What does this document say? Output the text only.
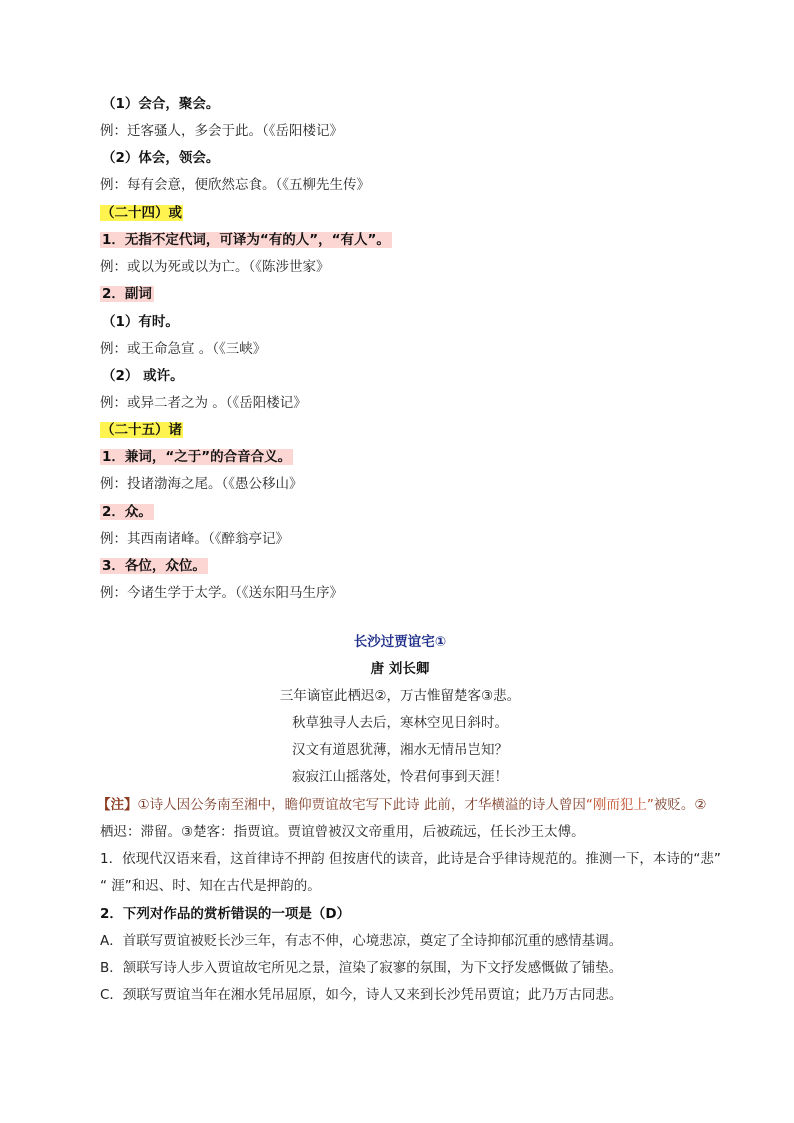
（1）会合，聚会。
例：迁客骚人，多会于此。（《岳阳楼记》
（2）体会，领会。
例：每有会意，便欣然忘食。（《五柳先生传》
（二十四）或
1．无指不定代词，可译为“有的人”，“有人”。
例：或以为死或以为亡。（《陈涉世家》
2．副词
（1）有时。
例：或王命急宣 。（《三峡》
（2） 或许。
例：或异二者之为 。（《岳阳楼记》
（二十五）诸
1．兼词，“之于”的合音合义。
例：投诸渤海之尾。（《愚公移山》
2．众。
例：其西南诸峰。（《醉翁亭记》
3．各位，众位。
例：今诸生学于太学。（《送东阳马生序》
长沙过贾谊宅①
唐 刘长卿
三年谪宦此栖迟②，万古惟留楚客③悲。
秋草独寻人去后，寒林空见日斜时。
汉文有道恩犹薄，湘水无情吊岂知？
寂寂江山摇落处，怜君何事到天涯！
【注】①诗人因公务南至湘中，瞻仰贾谊故宅写下此诗 此前，才华横溢的诗人曾因“刚而犯上”被贬。②
栖迟：滞留。③楚客：指贾谊。贾谊曾被汉文帝重用，后被疏远，任长沙王太傅。
1．依现代汉语来看，这首律诗不押韵 但按唐代的读音，此诗是合乎律诗规范的。推测一下，本诗的“悲”
“ 涯”和迟、时、知在古代是押韵的。
2．下列对作品的赏析错误的一项是（D）
A．首联写贾谊被贬长沙三年，有志不伸，心境悲凉，奠定了全诗抑郁沉重的感情基调。
B．颔联写诗人步入贾谊故宅所见之景，渲染了寂寥的氛围，为下文抒发感慨做了铺垫。
C．颈联写贾谊当年在湘水凭吊屈原，如今，诗人又来到长沙凭吊贾谊；此乃万古同悲。
